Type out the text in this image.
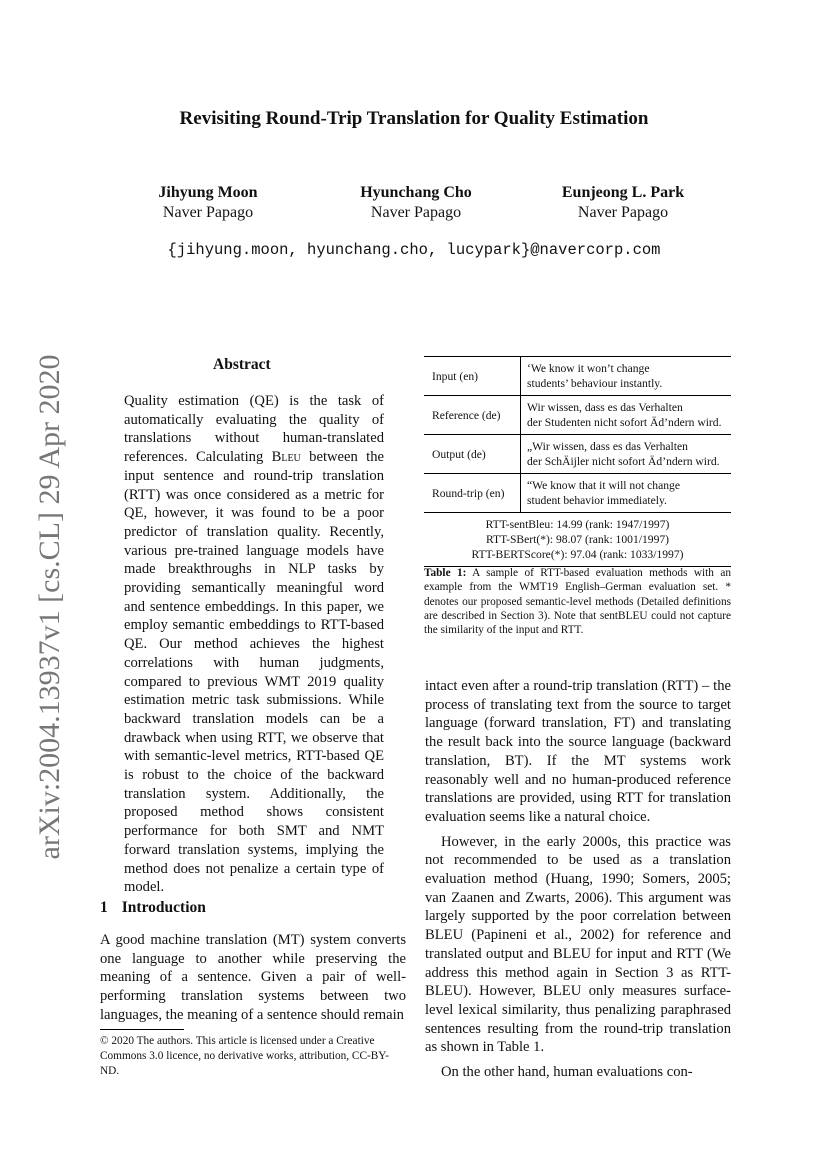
Revisiting Round-Trip Translation for Quality Estimation
Jihyung Moon
Naver Papago
Hyunchang Cho
Naver Papago
Eunjeong L. Park
Naver Papago
{jihyung.moon, hyunchang.cho, lucypark}@navercorp.com
arXiv:2004.13937v1 [cs.CL] 29 Apr 2020	Abstract

Quality estimation (QE) is the task of automatically evaluating the quality of translations without human-translated references. Calculating Bleu between the input sentence and round-trip translation (RTT) was once considered as a metric for QE, however, it was found to be a poor predictor of translation quality. Recently, various pre-trained language models have made breakthroughs in NLP tasks by providing semantically meaningful word and sentence embeddings. In this paper, we employ semantic embeddings to RTT-based QE. Our method achieves the highest correlations with human judgments, compared to previous WMT 2019 quality estimation metric task submissions. While backward translation models can be a drawback when using RTT, we observe that with semantic-level metrics, RTT-based QE is robust to the choice of the backward translation system. Additionally, the proposed method shows consistent performance for both SMT and NMT forward translation systems, implying the method does not penalize a certain type of model.

1 Introduction

A good machine translation (MT) system converts one language to another while preserving the meaning of a sentence. Given a pair of well-performing translation systems between two languages, the meaning of a sentence should remain

© 2020 The authors. This article is licensed under a Creative Commons 3.0 licence, no derivative works, attribution, CC-BY-ND.
Input (en)
‘We know it won’t change
students’ behaviour instantly.
Reference (de)
Wir wissen, dass es das Verhalten
der Studenten nicht sofort Äd’ndern wird.
Output (de)
„Wir wissen, dass es das Verhalten
der SchÄijler nicht sofort Äd’ndern wird.
Round-trip (en)
“We know that it will not change
student behavior immediately.
RTT-sentBleu: 14.99 (rank: 1947/1997)
RTT-SBert(*): 98.07 (rank: 1001/1997)
RTT-BERTScore(*): 97.04 (rank: 1033/1997)
Table 1: A sample of RTT-based evaluation methods with an example from the WMT19 English–German evaluation set. * denotes our proposed semantic-level methods (Detailed definitions are described in Section 3). Note that sentBLEU could not capture the similarity of the input and RTT.

intact even after a round-trip translation (RTT) – the process of translating text from the source to target language (forward translation, FT) and translating the result back into the source language (backward translation, BT). If the MT systems work reasonably well and no human-produced reference translations are provided, using RTT for translation evaluation seems like a natural choice.

However, in the early 2000s, this practice was not recommended to be used as a translation evaluation method (Huang, 1990; Somers, 2005; van Zaanen and Zwarts, 2006). This argument was largely supported by the poor correlation between BLEU (Papineni et al., 2002) for reference and translated output and BLEU for input and RTT (We address this method again in Section 3 as RTT-BLEU). However, BLEU only measures surface-level lexical similarity, thus penalizing paraphrased sentences resulting from the round-trip translation as shown in Table 1.

On the other hand, human evaluations con-
